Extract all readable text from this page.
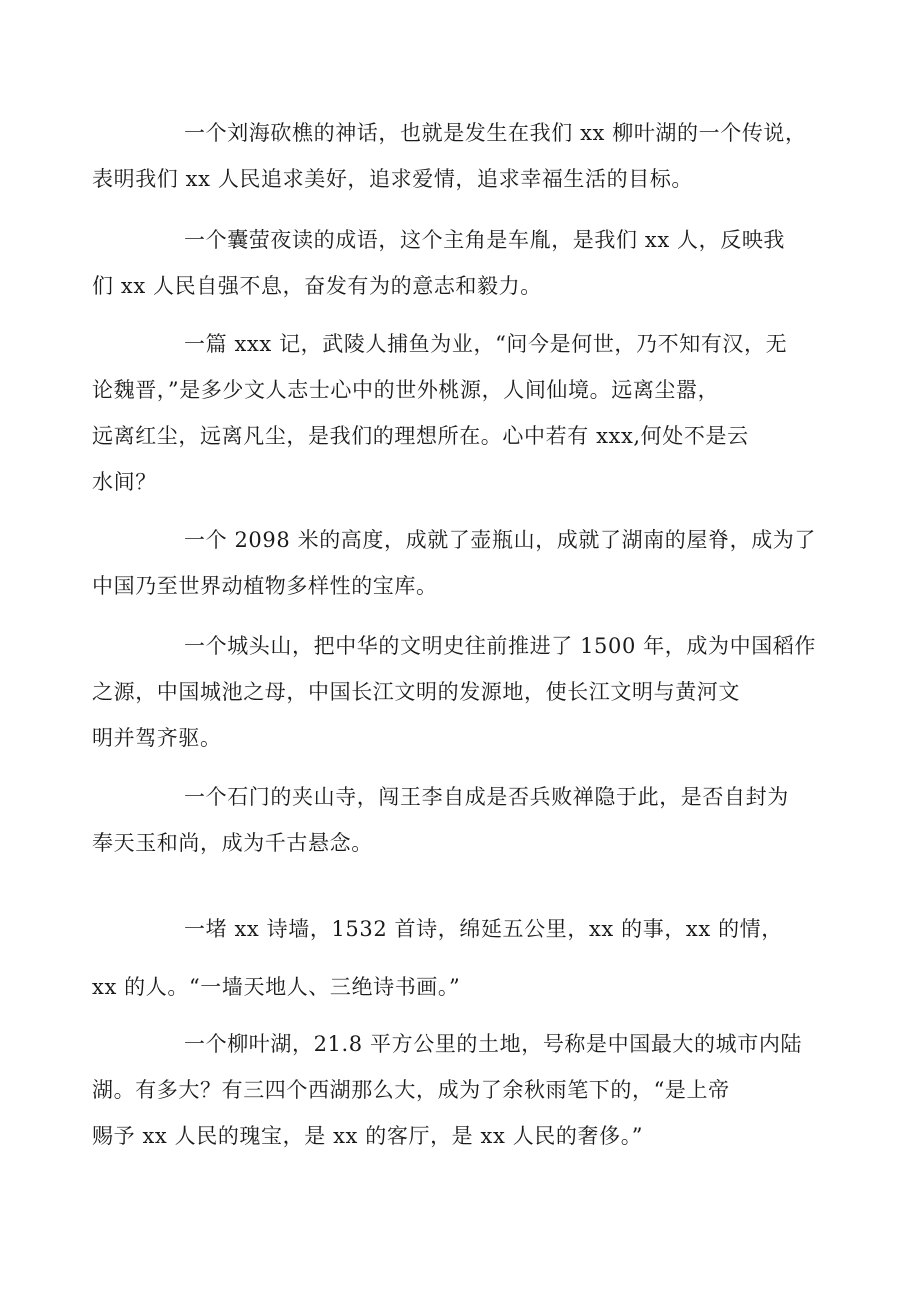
一个刘海砍樵的神话，也就是发生在我们 xx 柳叶湖的一个传说，
表明我们 xx 人民追求美好，追求爱情，追求幸福生活的目标。
一个囊萤夜读的成语，这个主角是车胤，是我们 xx 人，反映我
们 xx 人民自强不息，奋发有为的意志和毅力。
一篇 xxx 记，武陵人捕鱼为业，“问今是何世，乃不知有汉，无
论魏晋，”是多少文人志士心中的世外桃源，人间仙境。远离尘嚣，
远离红尘，远离凡尘，是我们的理想所在。心中若有 xxx,何处不是云
水间？
一个 2098 米的高度，成就了壶瓶山，成就了湖南的屋脊，成为了
中国乃至世界动植物多样性的宝库。
一个城头山，把中华的文明史往前推进了 1500 年，成为中国稻作
之源，中国城池之母，中国长江文明的发源地，使长江文明与黄河文
明并驾齐驱。
一个石门的夹山寺，闯王李自成是否兵败禅隐于此，是否自封为
奉天玉和尚，成为千古悬念。
一堵 xx 诗墙，1532 首诗，绵延五公里，xx 的事，xx 的情，
xx 的人。“一墙天地人、三绝诗书画。”
一个柳叶湖，21.8 平方公里的土地，号称是中国最大的城市内陆
湖。有多大？有三四个西湖那么大，成为了余秋雨笔下的，“是上帝
赐予 xx 人民的瑰宝，是 xx 的客厅，是 xx 人民的奢侈。”
